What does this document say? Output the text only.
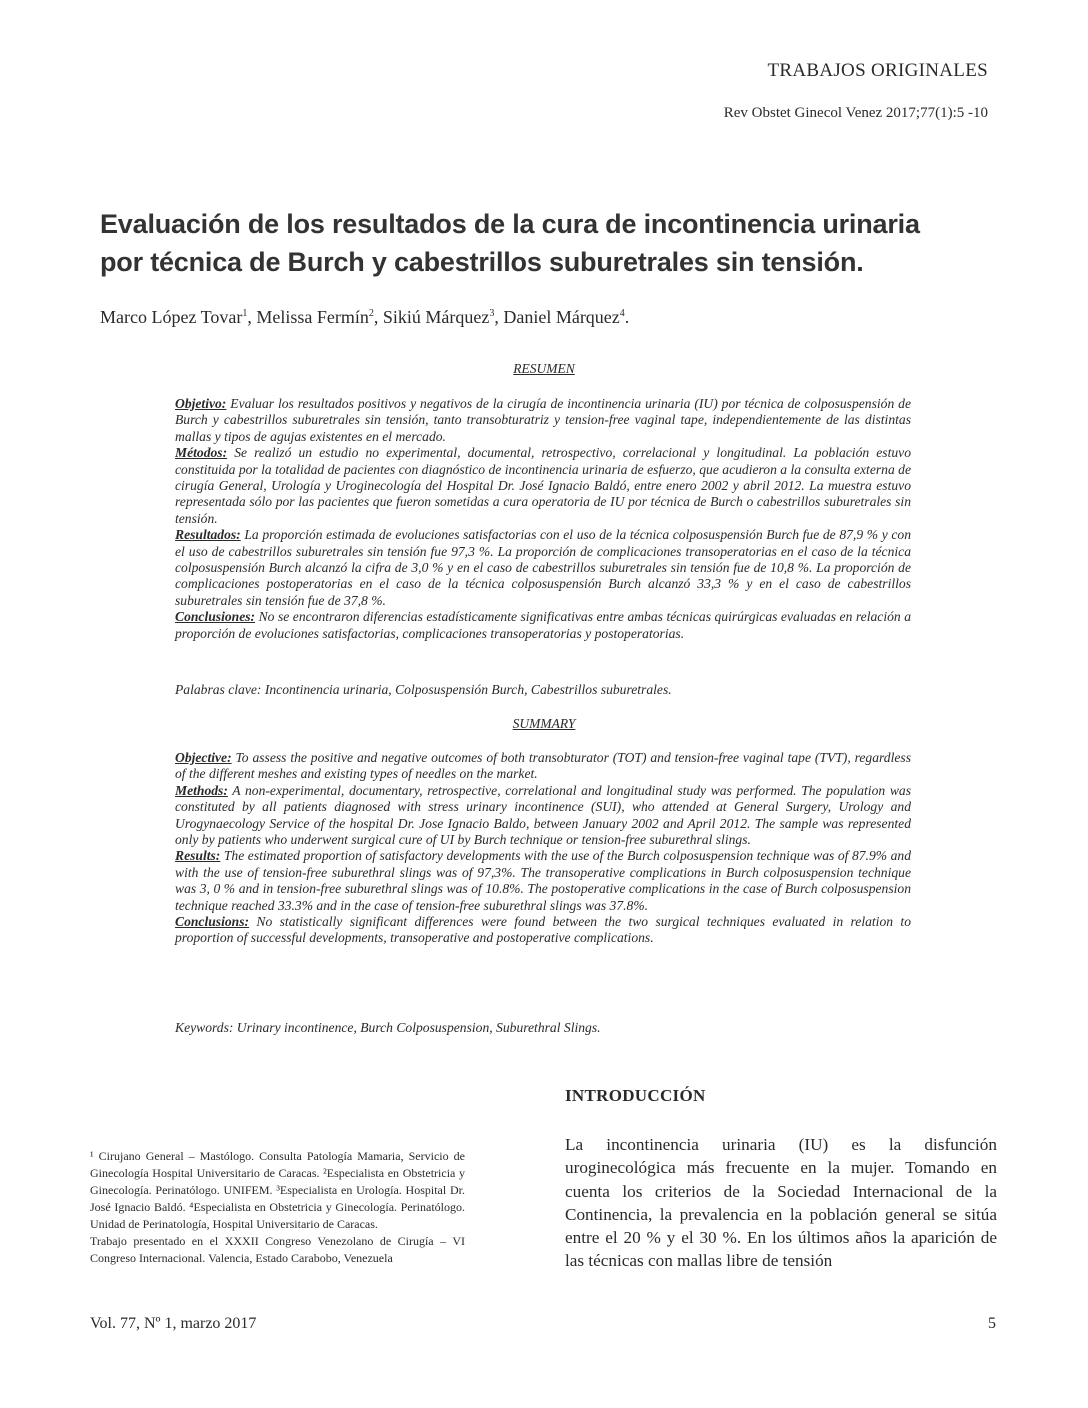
TRABAJOS ORIGINALES
Rev Obstet Ginecol Venez 2017;77(1):5 -10
Evaluación de los resultados de la cura de incontinencia urinaria
por técnica de Burch y cabestrillos suburetrales sin tensión.
Marco López Tovar$^1$, Melissa Fermín$^2$, Sikiú Márquez$^3$, Daniel Márquez$^4$.
RESUMEN

Objetivo: Evaluar los resultados positivos y negativos de la cirugía de incontinencia urinaria (IU) por técnica de colposuspensión de Burch y cabestrillos suburetrales sin tensión, tanto transobturatriz y tension-free vaginal tape, independientemente de las distintas mallas y tipos de agujas existentes en el mercado.

Métodos: Se realizó un estudio no experimental, documental, retrospectivo, correlacional y longitudinal. La población estuvo constituida por la totalidad de pacientes con diagnóstico de incontinencia urinaria de esfuerzo, que acudieron a la consulta externa de cirugía General, Urología y Uroginecología del Hospital Dr. José Ignacio Baldó, entre enero 2002 y abril 2012. La muestra estuvo representada sólo por las pacientes que fueron sometidas a cura operatoria de IU por técnica de Burch o cabestrillos suburetrales sin tensión.

Resultados: La proporción estimada de evoluciones satisfactorias con el uso de la técnica colposuspensión Burch fue de 87,9 % y con el uso de cabestrillos suburetrales sin tensión fue 97,3 %. La proporción de complicaciones transoperatorias en el caso de la técnica colposuspensión Burch alcanzó la cifra de 3,0 % y en el caso de cabestrillos suburetrales sin tensión fue de 10,8 %. La proporción de complicaciones postoperatorias en el caso de la técnica colposuspensión Burch alcanzó 33,3 % y en el caso de cabestrillos suburetrales sin tensión fue de 37,8 %.

Conclusiones: No se encontraron diferencias estadísticamente significativas entre ambas técnicas quirúrgicas evaluadas en relación a proporción de evoluciones satisfactorias, complicaciones transoperatorias y postoperatorias.

Palabras clave: Incontinencia urinaria, Colposuspensión Burch, Cabestrillos suburetrales.
SUMMARY

Objective: To assess the positive and negative outcomes of both transobturator (TOT) and tension-free vaginal tape (TVT), regardless of the different meshes and existing types of needles on the market.

Methods: A non-experimental, documentary, retrospective, correlational and longitudinal study was performed. The population was constituted by all patients diagnosed with stress urinary incontinence (SUI), who attended at General Surgery, Urology and Urogynaecology Service of the hospital Dr. Jose Ignacio Baldo, between January 2002 and April 2012. The sample was represented only by patients who underwent surgical cure of UI by Burch technique or tension-free suburethral slings.

Results: The estimated proportion of satisfactory developments with the use of the Burch colposuspension technique was of 87.9% and with the use of tension-free suburethral slings was of 97,3%. The transoperative complications in Burch colposuspension technique was 3, 0 % and in tension-free suburethral slings was of 10.8%. The postoperative complications in the case of Burch colposuspension technique reached 33.3% and in the case of tension-free suburethral slings was 37.8%.

Conclusions: No statistically significant differences were found between the two surgical techniques evaluated in relation to proportion of successful developments, transoperative and postoperative complications.

Keywords: Urinary incontinence, Burch Colposuspension, Suburethral Slings.
INTRODUCCIÓN
La incontinencia urinaria (IU) es la disfunción uroginecológica más frecuente en la mujer. Tomando en cuenta los criterios de la Sociedad Internacional de la Continencia, la prevalencia en la población general se sitúa entre el 20 % y el 30 %. En los últimos años la aparición de las técnicas con mallas libre de tensión

¹ Cirujano General – Mastólogo. Consulta Patología Mamaria, Servicio de Ginecología Hospital Universitario de Caracas. ²Especialista en Obstetricia y Ginecología. Perinatólogo. UNIFEM. ³Especialista en Urología. Hospital Dr. José Ignacio Baldó. ⁴Especialista en Obstetricia y Ginecología. Perinatólogo. Unidad de Perinatología, Hospital Universitario de Caracas.

Trabajo presentado en el XXXII Congreso Venezolano de Cirugía – VI Congreso Internacional. Valencia, Estado Carabobo, Venezuela

Vol. 77, Nº 1, marzo 2017	5
